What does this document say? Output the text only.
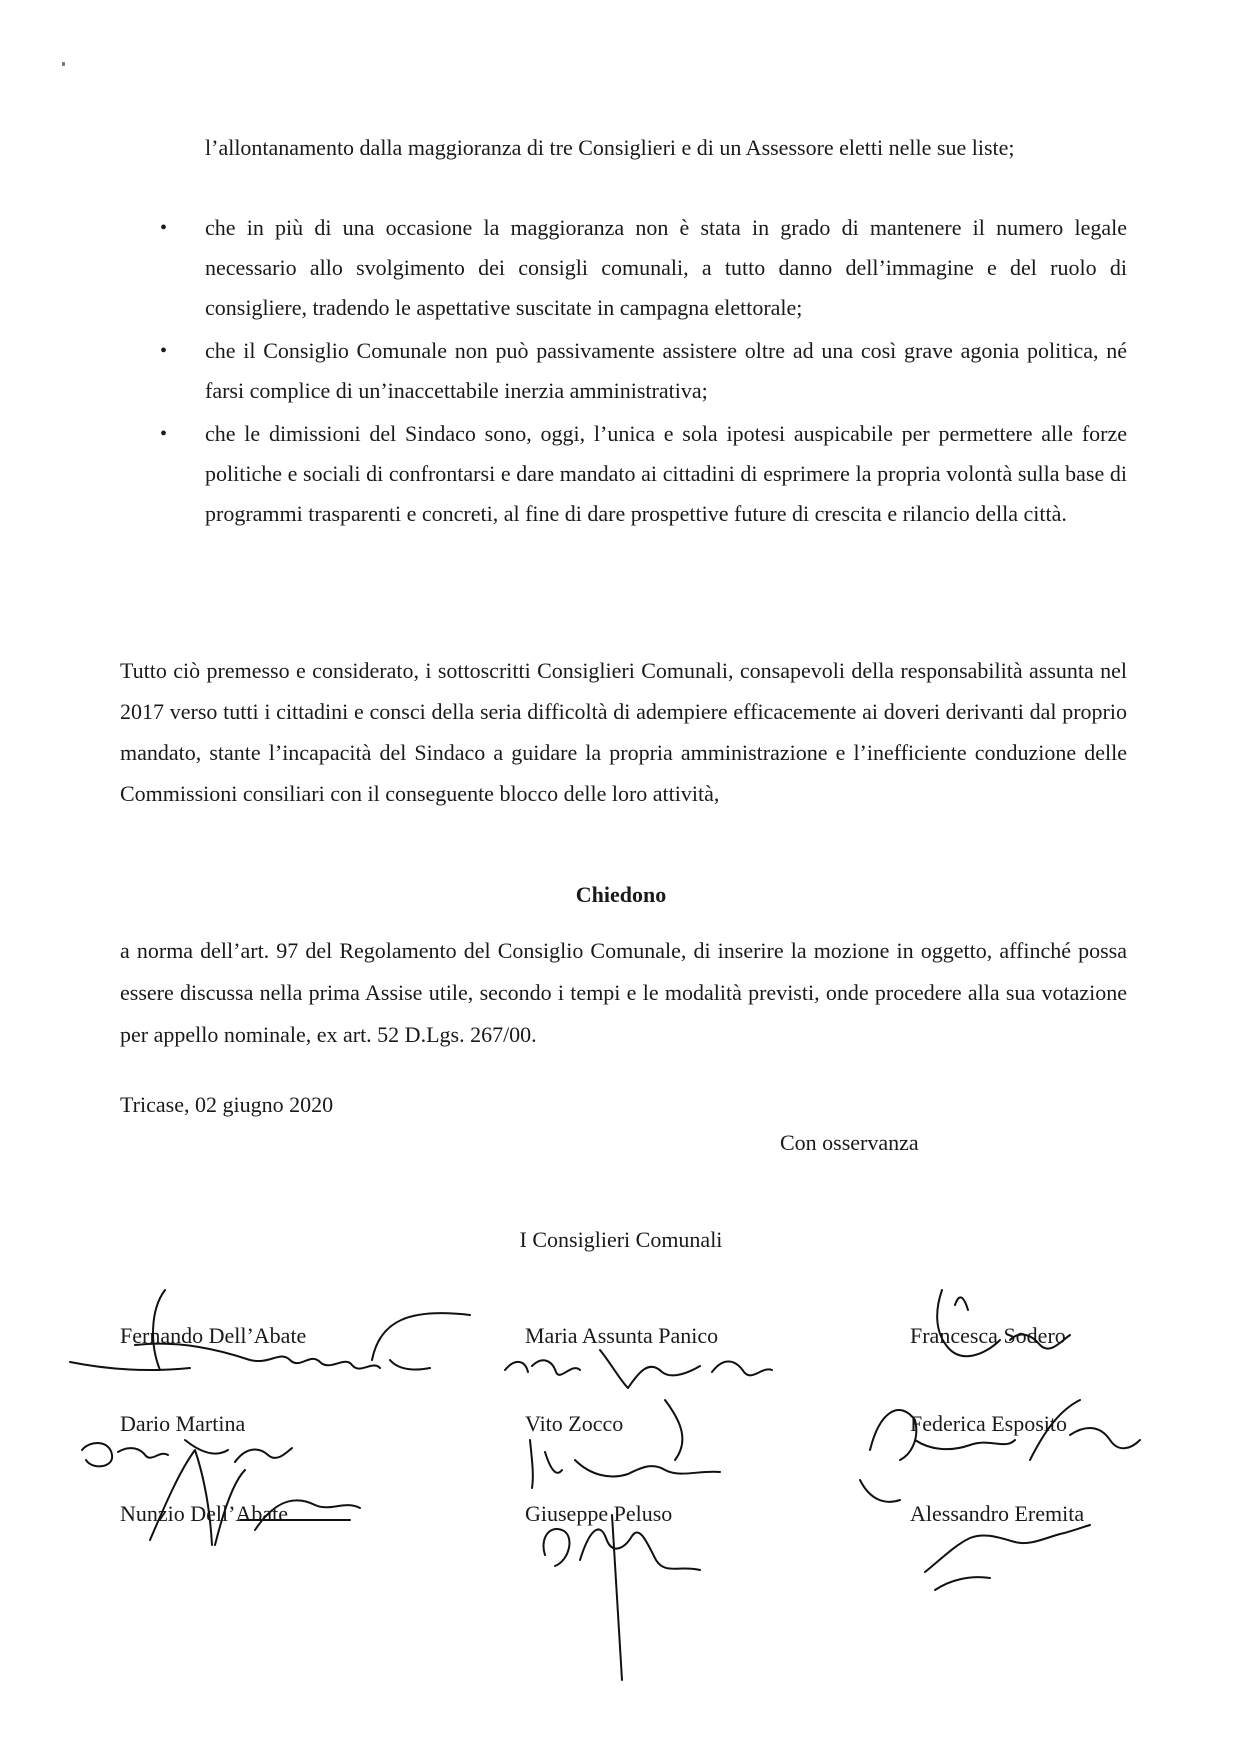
l’allontanamento dalla maggioranza di tre Consiglieri e di un Assessore eletti nelle sue liste;

• che in più di una occasione la maggioranza non è stata in grado di mantenere il numero legale necessario allo svolgimento dei consigli comunali, a tutto danno dell’immagine e del ruolo di consigliere, tradendo le aspettative suscitate in campagna elettorale;
• che il Consiglio Comunale non può passivamente assistere oltre ad una così grave agonia politica, né farsi complice di un’inaccettabile inerzia amministrativa;
• che le dimissioni del Sindaco sono, oggi, l’unica e sola ipotesi auspicabile per permettere alle forze politiche e sociali di confrontarsi e dare mandato ai cittadini di esprimere la propria volontà sulla base di programmi trasparenti e concreti, al fine di dare prospettive future di crescita e rilancio della città.

Tutto ciò premesso e considerato, i sottoscritti Consiglieri Comunali, consapevoli della responsabilità assunta nel 2017 verso tutti i cittadini e consci della seria difficoltà di adempiere efficacemente ai doveri derivanti dal proprio mandato, stante l’incapacità del Sindaco a guidare la propria amministrazione e l’inefficiente conduzione delle Commissioni consiliari con il conseguente blocco delle loro attività,

Chiedono

a norma dell’art. 97 del Regolamento del Consiglio Comunale, di inserire la mozione in oggetto, affinché possa essere discussa nella prima Assise utile, secondo i tempi e le modalità previsti, onde procedere alla sua votazione per appello nominale, ex art. 52 D.Lgs. 267/00.

Tricase, 02 giugno 2020

Con osservanza

I Consiglieri Comunali

Fernando Dell’Abate
Dario Martina
Nunzio Dell’Abate
Maria Assunta Panico
Vito Zocco
Giuseppe Peluso
Francesca Sodero
Federica Esposito
Alessandro Eremita
